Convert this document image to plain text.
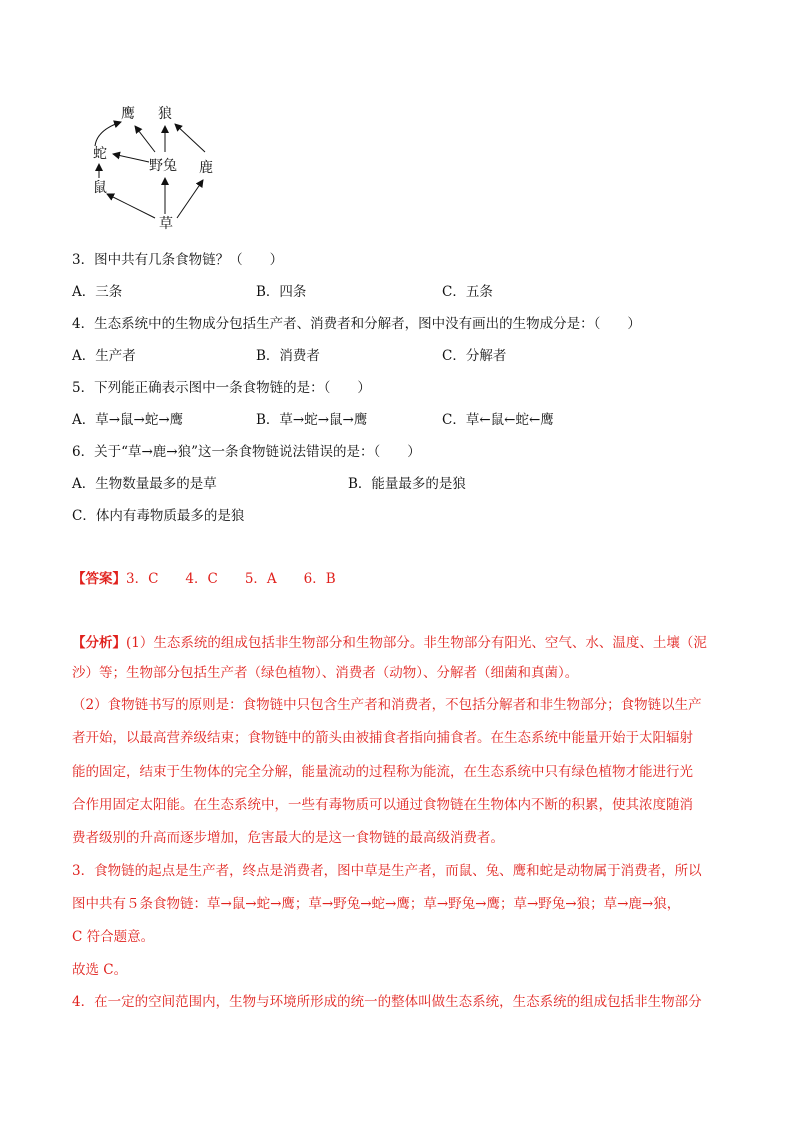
鹰 狼
蛇
野兔 鹿
鼠
草
3．图中共有几条食物链？（　　）
A．三条	B．四条	C．五条
4．生态系统中的生物成分包括生产者、消费者和分解者，图中没有画出的生物成分是：（　　）
A．生产者	B．消费者	C．分解者
5．下列能正确表示图中一条食物链的是：（　　）
A．草→鼠→蛇→鹰	B．草→蛇→鼠→鹰	C．草←鼠←蛇←鹰
6．关于“草→鹿→狼”这一条食物链说法错误的是：（　　）
A．生物数量最多的是草	B．能量最多的是狼
C．体内有毒物质最多的是狼
【答案】3．C　　4．C　　5．A　　6．B
【分析】(1）生态系统的组成包括非生物部分和生物部分。非生物部分有阳光、空气、水、温度、土壤（泥
沙）等；生物部分包括生产者（绿色植物）、消费者（动物）、分解者（细菌和真菌）。
（2）食物链书写的原则是：食物链中只包含生产者和消费者，不包括分解者和非生物部分；食物链以生产
者开始，以最高营养级结束；食物链中的箭头由被捕食者指向捕食者。在生态系统中能量开始于太阳辐射
能的固定，结束于生物体的完全分解，能量流动的过程称为能流，在生态系统中只有绿色植物才能进行光
合作用固定太阳能。在生态系统中，一些有毒物质可以通过食物链在生物体内不断的积累，使其浓度随消
费者级别的升高而逐步增加，危害最大的是这一食物链的最高级消费者。
3．食物链的起点是生产者，终点是消费者，图中草是生产者，而鼠、兔、鹰和蛇是动物属于消费者，所以
图中共有５条食物链：草→鼠→蛇→鹰；草→野兔→蛇→鹰；草→野兔→鹰；草→野兔→狼；草→鹿→狼，
C 符合题意。
故选 C。
4．在一定的空间范围内，生物与环境所形成的统一的整体叫做生态系统，生态系统的组成包括非生物部分
